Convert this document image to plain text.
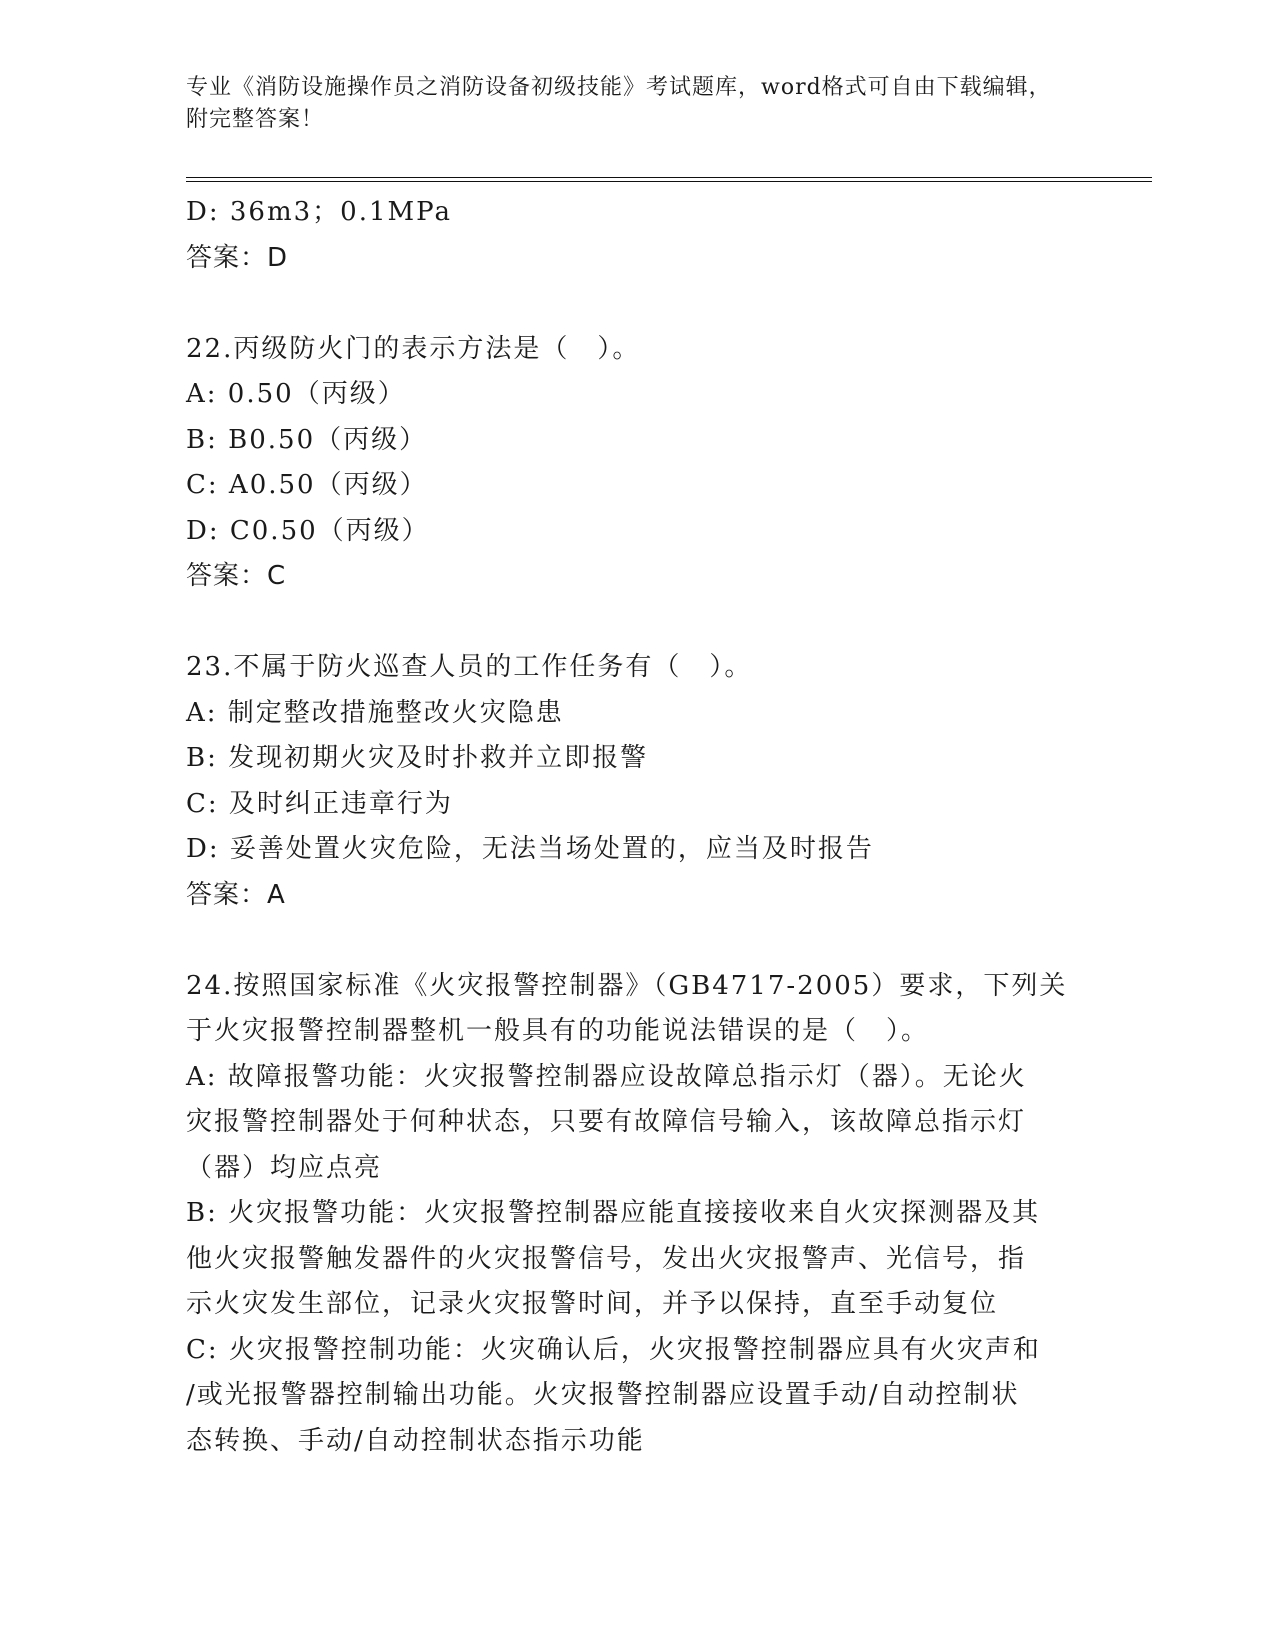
专业《消防设施操作员之消防设备初级技能》考试题库，word格式可自由下载编辑，附完整答案！
D: 36m3；0.1MPa
答案：D
22.丙级防火门的表示方法是（　）。
A: 0.50（丙级）
B: B0.50（丙级）
C: A0.50（丙级）
D: C0.50（丙级）
答案：C
23.不属于防火巡查人员的工作任务有（　）。
A: 制定整改措施整改火灾隐患
B: 发现初期火灾及时扑救并立即报警
C: 及时纠正违章行为
D: 妥善处置火灾危险，无法当场处置的，应当及时报告
答案：A
24.按照国家标准《火灾报警控制器》（GB4717-2005）要求，下列关
于火灾报警控制器整机一般具有的功能说法错误的是（　）。
A: 故障报警功能：火灾报警控制器应设故障总指示灯（器）。无论火
灾报警控制器处于何种状态，只要有故障信号输入，该故障总指示灯
（器）均应点亮
B: 火灾报警功能：火灾报警控制器应能直接接收来自火灾探测器及其
他火灾报警触发器件的火灾报警信号，发出火灾报警声、光信号，指
示火灾发生部位，记录火灾报警时间，并予以保持，直至手动复位
C: 火灾报警控制功能：火灾确认后，火灾报警控制器应具有火灾声和
/或光报警器控制输出功能。火灾报警控制器应设置手动/自动控制状
态转换、手动/自动控制状态指示功能
